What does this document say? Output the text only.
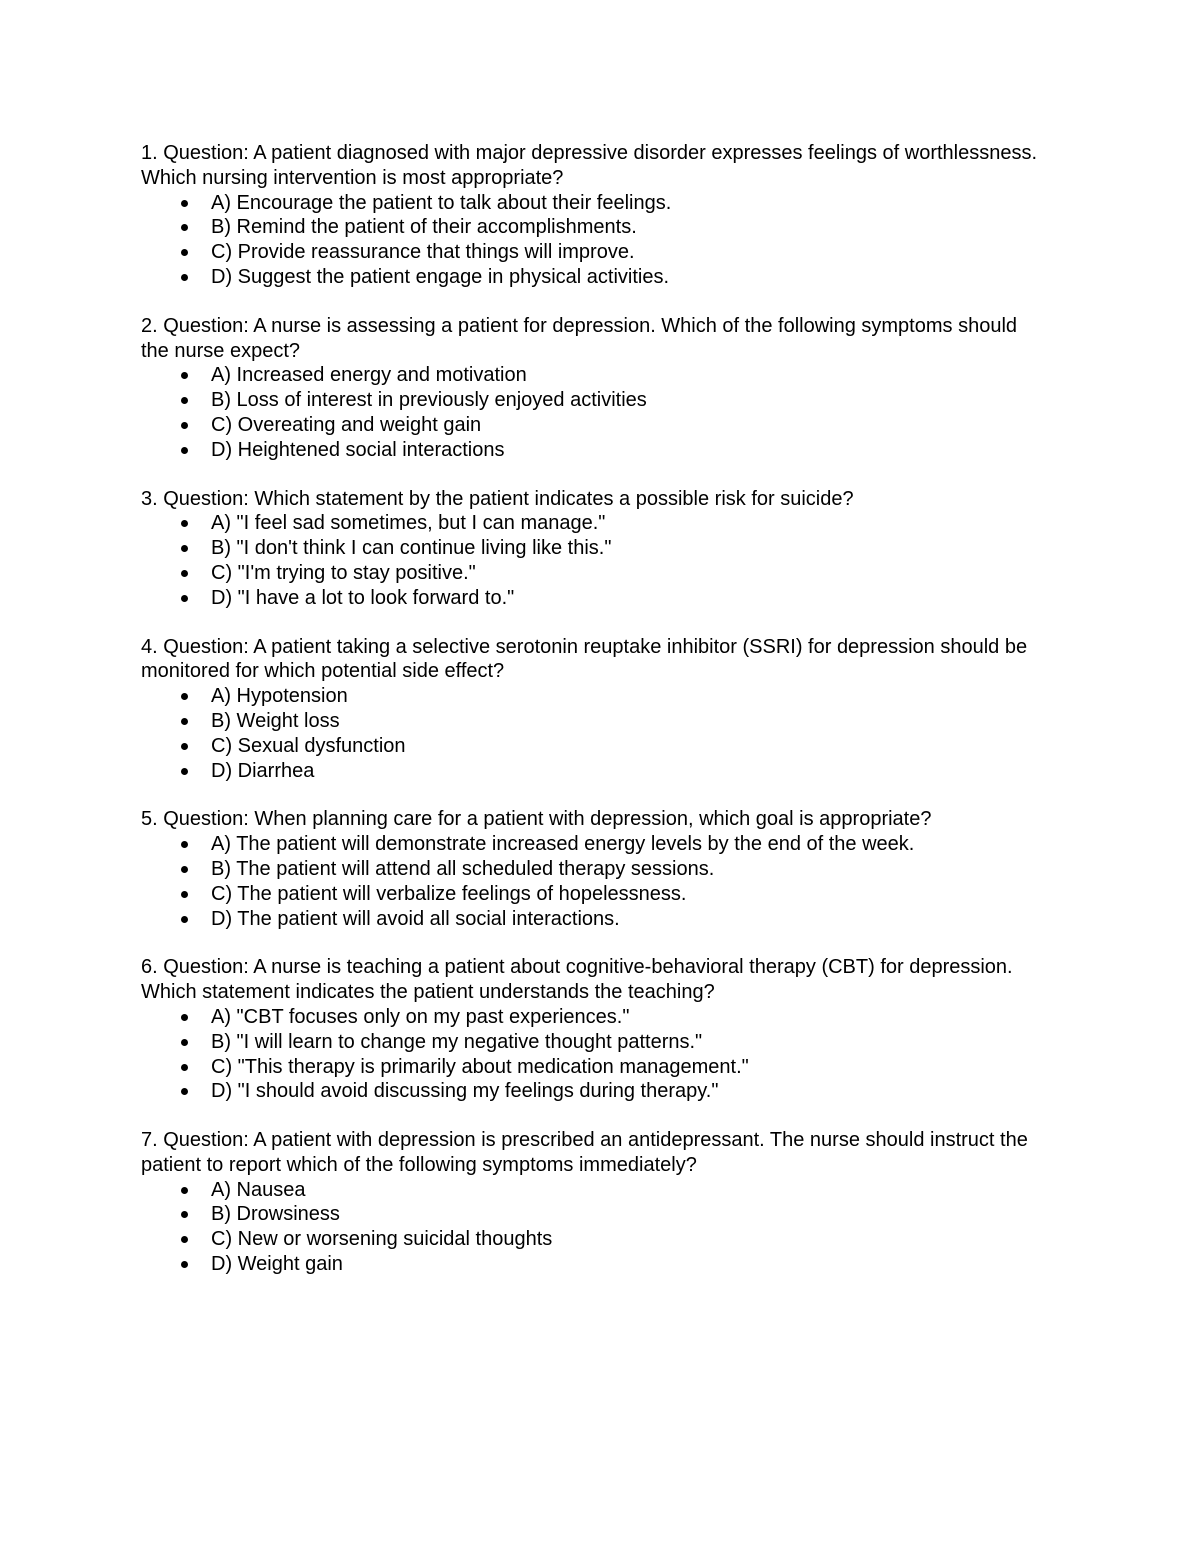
1. Question: A patient diagnosed with major depressive disorder expresses feelings of worthlessness. Which nursing intervention is most appropriate?

A) Encourage the patient to talk about their feelings.
B) Remind the patient of their accomplishments.
C) Provide reassurance that things will improve.
D) Suggest the patient engage in physical activities.

2. Question: A nurse is assessing a patient for depression. Which of the following symptoms should the nurse expect?

A) Increased energy and motivation
B) Loss of interest in previously enjoyed activities
C) Overeating and weight gain
D) Heightened social interactions

3. Question: Which statement by the patient indicates a possible risk for suicide?

A) "I feel sad sometimes, but I can manage."
B) "I don't think I can continue living like this."
C) "I'm trying to stay positive."
D) "I have a lot to look forward to."

4. Question: A patient taking a selective serotonin reuptake inhibitor (SSRI) for depression should be monitored for which potential side effect?

A) Hypotension
B) Weight loss
C) Sexual dysfunction
D) Diarrhea

5. Question: When planning care for a patient with depression, which goal is appropriate?

A) The patient will demonstrate increased energy levels by the end of the week.
B) The patient will attend all scheduled therapy sessions.
C) The patient will verbalize feelings of hopelessness.
D) The patient will avoid all social interactions.

6. Question: A nurse is teaching a patient about cognitive-behavioral therapy (CBT) for depression. Which statement indicates the patient understands the teaching?

A) "CBT focuses only on my past experiences."
B) "I will learn to change my negative thought patterns."
C) "This therapy is primarily about medication management."
D) "I should avoid discussing my feelings during therapy."

7. Question: A patient with depression is prescribed an antidepressant. The nurse should instruct the patient to report which of the following symptoms immediately?

A) Nausea
B) Drowsiness
C) New or worsening suicidal thoughts
D) Weight gain
